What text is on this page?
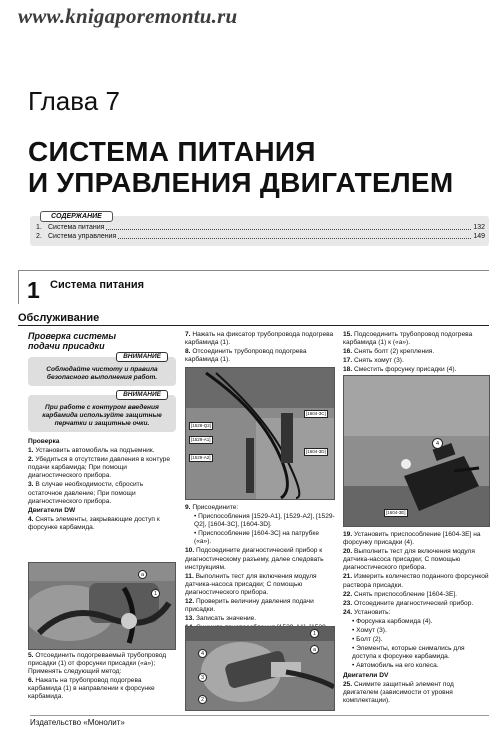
www.knigaporemontu.ru
Глава 7
СИСТЕМА ПИТАНИЯ
И УПРАВЛЕНИЯ ДВИГАТЕЛЕМ
СОДЕРЖАНИЕ
1. Система питания	132
2. Система управления	149
1 Система питания
Обслуживание
Проверка системы
подачи присадки
ВНИМАНИЕ
Соблюдайте чистоту и правила безопасного выполнения работ.
ВНИМАНИЕ
При работе с контуром введения карбамида используйте защитные перчатки и защитные очки.

Проверка

1. Установить автомобиль на подъемник.

2. Убедиться в отсутствии давления в контуре подачи карбамида; При помощи диагностического прибора.

3. В случае необходимости, сбросить остаточное давление; При помощи диагностического прибора.

Двигатели DW

4. Снять элементы, закрывающие доступ к форсунке карбамида.

a
1

5. Отсоединить подогреваемый трубопровод присадки (1) от форсунки присадки («a»); Применять следующий метод:

6. Нажать на трубопровод подогрева карбамида (1) в направлении к форсунке карбамида.

7. Нажать на фиксатор трубопровода подогрева карбамида (1).

8. Отсоединить трубопровод подогрева карбамида (1).

[1604-3C]
[1529-Q2]
[1529-A1]
[1529-A2]
[1604-3D]

9. Присоедините:

• Приспособления [1529-A1], [1529-A2], [1529-Q2], [1604-3C], [1604-3D].

• Приспособление [1604-3C] на патрубке («a»).

10. Подсоедините диагностический прибор к диагностическому разъему, далее следовать инструкциям.

11. Выполнить тест для включения модуля датчика-насоса присадки; С помощью диагностического прибора.

12. Проверить величину давления подачи присадки.

13. Записать значение.

1
a
2
3
4

15. Подсоединить трубопровод подогрева карбамида (1) к («a»).

16. Снять болт (2) крепления.

17. Снять хомут (3).

18. Сместить форсунку присадки (4).

4
[1604-3E]

19. Установить приспособление [1604-3E] на форсунку присадки (4).

20. Выполнить тест для включения модуля датчика-насоса присадки; С помощью диагностического прибора.

21. Измерить количество поданного форсункой раствора присадки.

22. Снять приспособление [1604-3E].

23. Отсоедините диагностический прибор.

24. Установить:

• Форсунка карбомида (4).

• Хомут (3).

• Болт (2).

• Элементы, которые снимались для доступа к форсунке карбамида.

• Автомобиль на его колеса.

Двигатели DV

25. Снимите защитный элемент под двигателем (зависимости от уровня комплектации).

Издательство «Монолит»
